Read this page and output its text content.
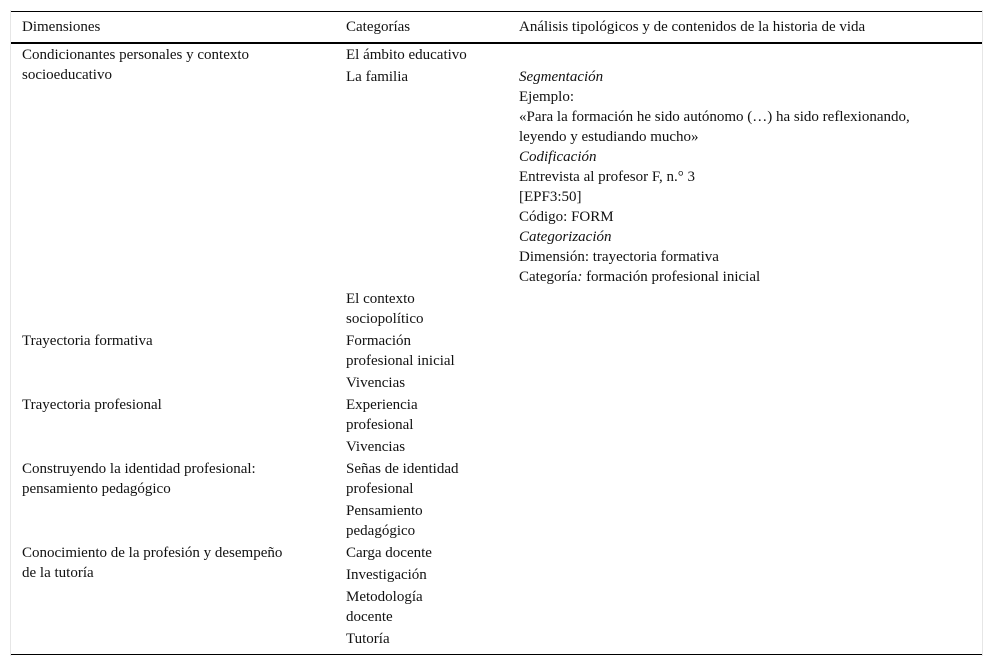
Dimensiones	Categorías	Análisis tipológicos y de contenidos de la historia de vida
Condicionantes personales y contexto
socioeducativo
Trayectoria formativa
Trayectoria profesional
Construyendo la identidad profesional:
pensamiento pedagógico
Conocimiento de la profesión y desempeño
de la tutoría
El ámbito educativo
La familia
El contexto
sociopolítico
Formación
profesional inicial
Vivencias
Experiencia
profesional
Vivencias
Señas de identidad
profesional
Pensamiento
pedagógico
Carga docente
Investigación
Metodología
docente
Tutoría
Segmentación
Ejemplo:
«Para la formación he sido autónomo (…) ha sido reflexionando,
leyendo y estudiando mucho»
Codificación
Entrevista al profesor F, n.° 3
[EPF3:50]
Código: FORM
Categorización
Dimensión: trayectoria formativa
Categoría: formación profesional inicial
